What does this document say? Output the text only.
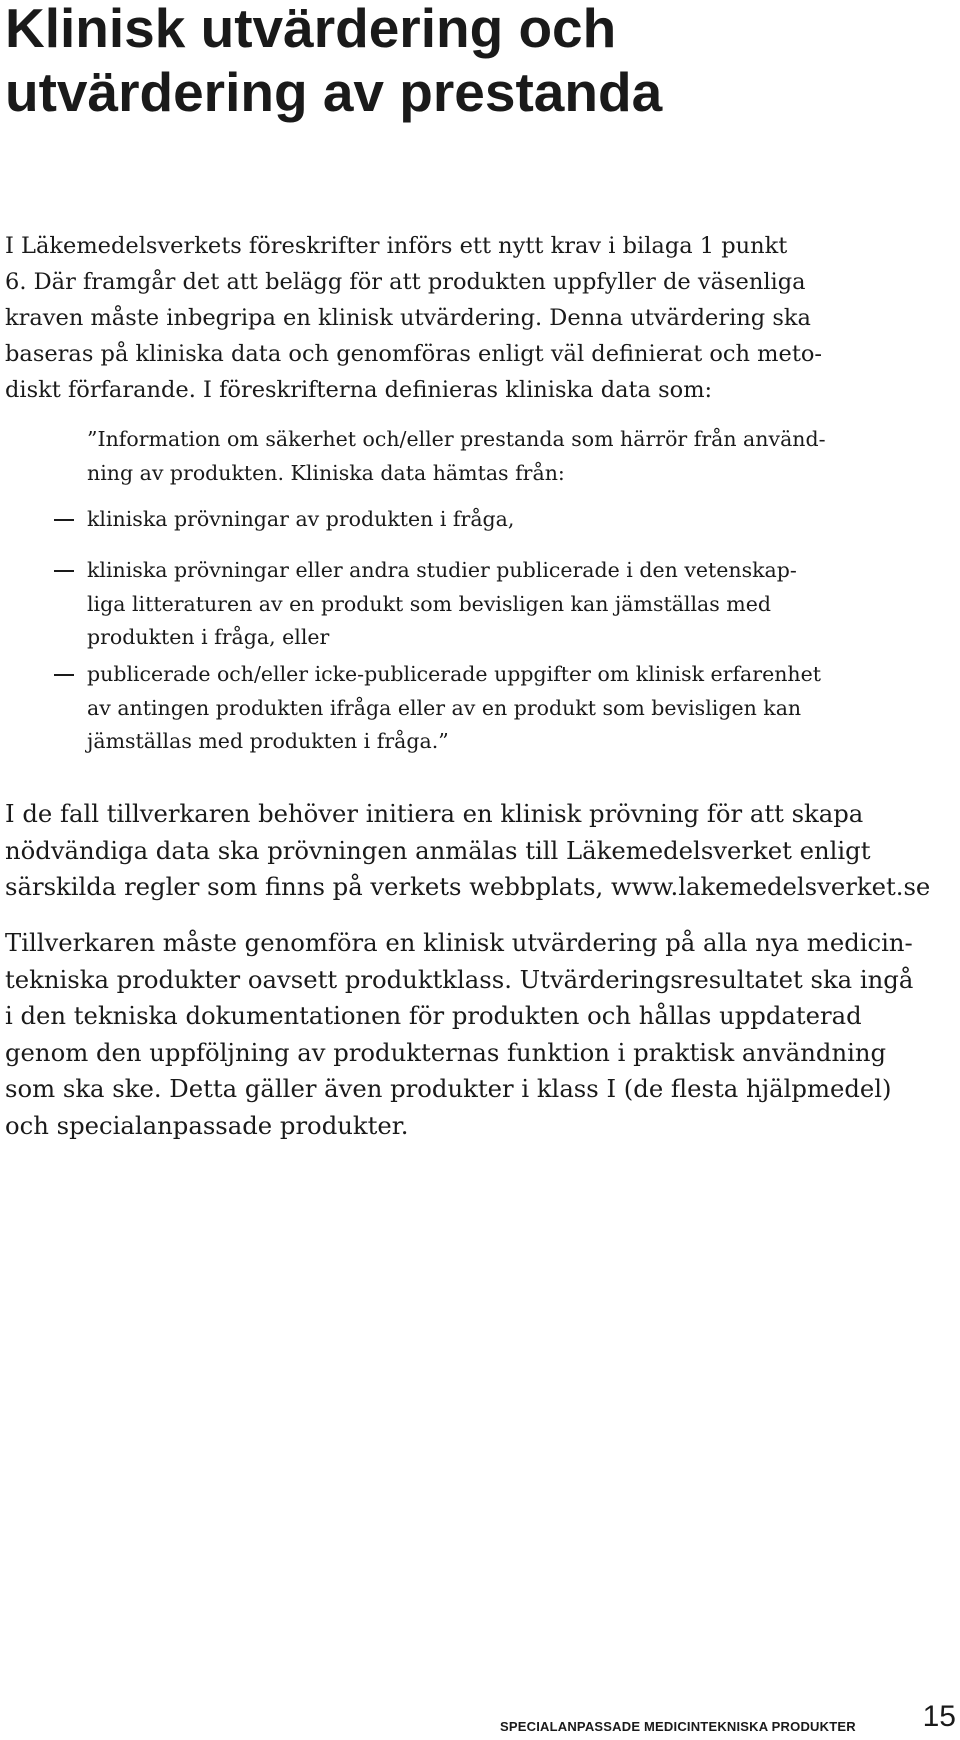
Klinisk utvärdering och
utvärdering av prestanda
I Läkemedelsverkets föreskrifter införs ett nytt krav i bilaga 1 punkt
6. Där framgår det att belägg för att produkten uppfyller de väsenliga
kraven måste inbegripa en klinisk utvärdering. Denna utvärdering ska
baseras på kliniska data och genomföras enligt väl definierat och meto-
diskt förfarande. I föreskrifterna definieras kliniska data som:
”Information om säkerhet och/eller prestanda som härrör från använd-
ning av produkten. Kliniska data hämtas från:
kliniska prövningar av produkten i fråga,
kliniska prövningar eller andra studier publicerade i den vetenskap-
liga litteraturen av en produkt som bevisligen kan jämställas med
produkten i fråga, eller
publicerade och/eller icke-publicerade uppgifter om klinisk erfarenhet
av antingen produkten ifråga eller av en produkt som bevisligen kan
jämställas med produkten i fråga.”
I de fall tillverkaren behöver initiera en klinisk prövning för att skapa
nödvändiga data ska prövningen anmälas till Läkemedelsverket enligt
särskilda regler som finns på verkets webbplats, www.lakemedelsverket.se
Tillverkaren måste genomföra en klinisk utvärdering på alla nya medicin-
tekniska produkter oavsett produktklass. Utvärderingsresultatet ska ingå
i den tekniska dokumentationen för produkten och hållas uppdaterad
genom den uppföljning av produkternas funktion i praktisk användning
som ska ske. Detta gäller även produkter i klass I (de flesta hjälpmedel)
och specialanpassade produkter.
SPECIALANPASSADE MEDICINTEKNISKA PRODUKTER 15
